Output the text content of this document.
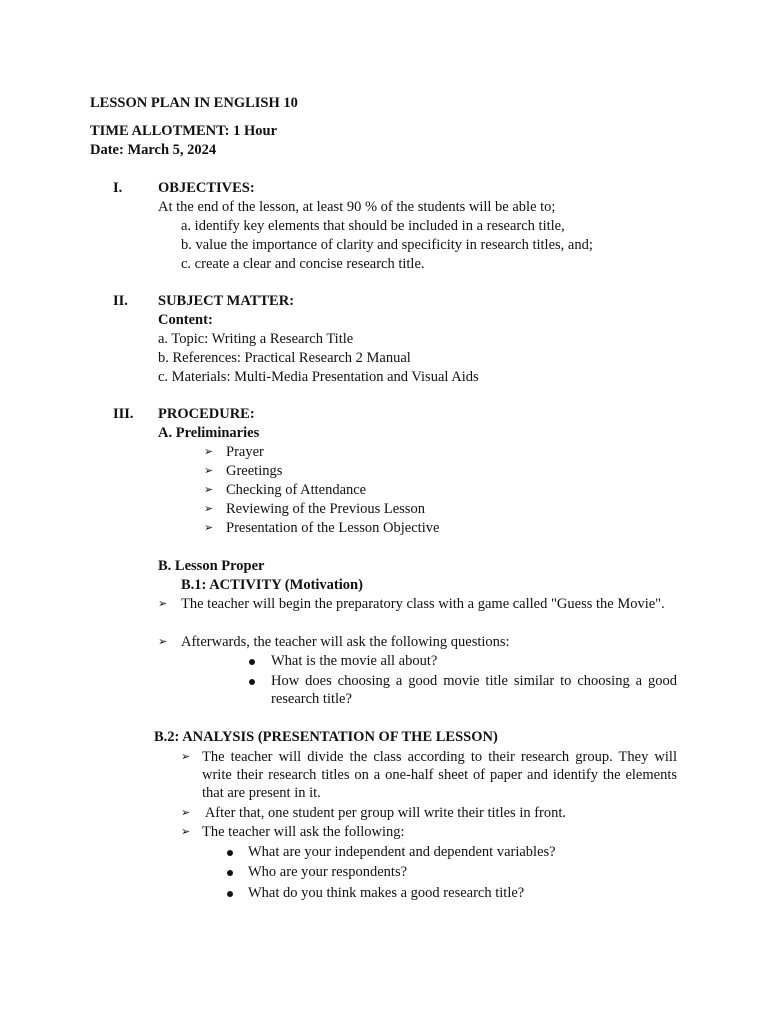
LESSON PLAN IN ENGLISH 10
TIME ALLOTMENT: 1 Hour
Date: March 5, 2024
I. OBJECTIVES:
At the end of the lesson, at least 90 % of the students will be able to;
a. identify key elements that should be included in a research title,
b. value the importance of clarity and specificity in research titles, and;
c. create a clear and concise research title.
II. SUBJECT MATTER:
Content:
a. Topic: Writing a Research Title
b. References: Practical Research 2 Manual
c. Materials: Multi-Media Presentation and Visual Aids
III. PROCEDURE:
A. Preliminaries
➢ Prayer
➢ Greetings
➢ Checking of Attendance
➢ Reviewing of the Previous Lesson
➢ Presentation of the Lesson Objective
B. Lesson Proper
B.1: ACTIVITY (Motivation)
➢ The teacher will begin the preparatory class with a game called "Guess the Movie".
➢ Afterwards, the teacher will ask the following questions:
What is the movie all about?
How does choosing a good movie title similar to choosing a good research title?
B.2: ANALYSIS (PRESENTATION OF THE LESSON)
➢ The teacher will divide the class according to their research group. They will write their research titles on a one-half sheet of paper and identify the elements that are present in it.
➢ After that, one student per group will write their titles in front.
➢ The teacher will ask the following:
What are your independent and dependent variables?
Who are your respondents?
What do you think makes a good research title?
